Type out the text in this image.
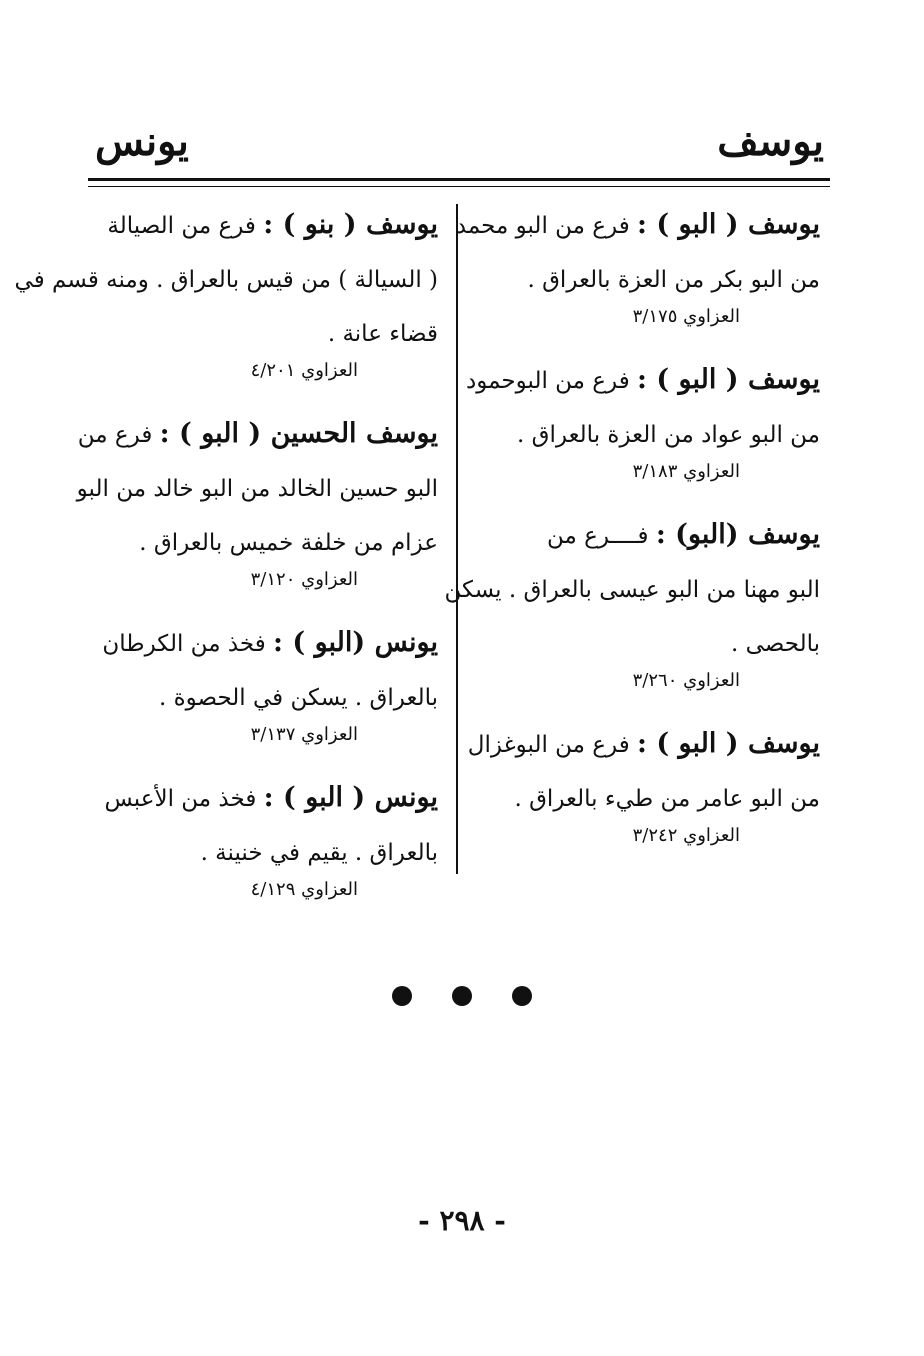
يوسف
يونس
يوسف ( البو ) : فرع من البو محمد
من البو بكر من العزة بالعراق .
العزاوي ٣/١٧٥
يوسف ( البو ) : فرع من البوحمود
من البو عواد من العزة بالعراق .
العزاوي ٣/١٨٣
يوسف (البو) : فــــرع من
البو مهنا من البو عيسى بالعراق . يسكن
بالحصى .
العزاوي ٣/٢٦٠
يوسف ( البو ) : فرع من البوغزال
من البو عامر من طيء بالعراق .
العزاوي ٣/٢٤٢
يوسف ( بنو ) : فرع من الصيالة
( السيالة ) من قيس بالعراق . ومنه قسم في
قضاء عانة .
العزاوي ٤/٢٠١
يوسف الحسين ( البو ) : فرع من
البو حسين الخالد من البو خالد من البو
عزام من خلفة خميس بالعراق .
العزاوي ٣/١٢٠
يونس (البو ) : فخذ من الكرطان
بالعراق . يسكن في الحصوة .
العزاوي ٣/١٣٧
يونس ( البو ) : فخذ من الأعبس
بالعراق . يقيم في خنينة .
العزاوي ٤/١٢٩
- ٢٩٨ -
